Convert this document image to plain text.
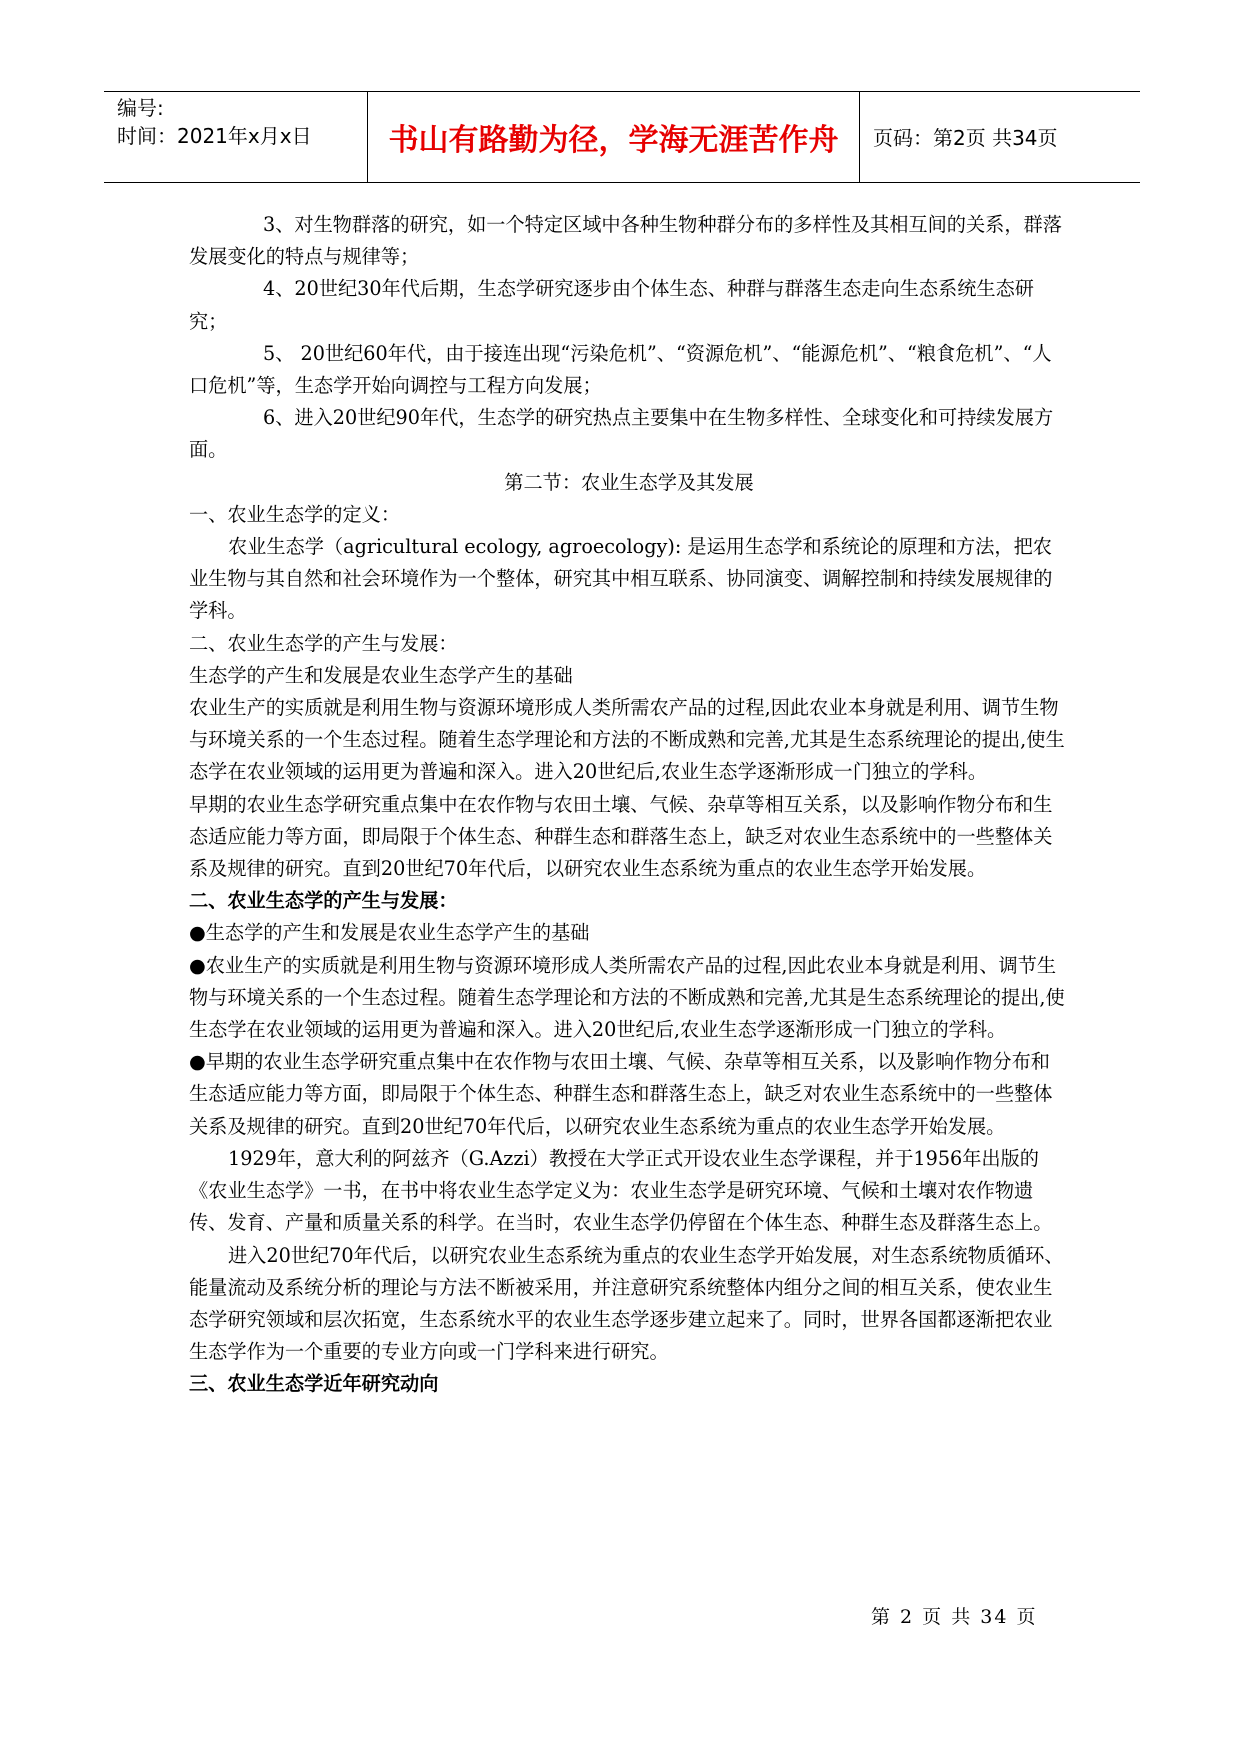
编号:
时间：2021年x月x日	书山有路勤为径，学海无涯苦作舟	页码：第2页 共34页

3、对生物群落的研究，如一个特定区域中各种生物种群分布的多样性及其相互间的关系，群落发展变化的特点与规律等；

4、20世纪30年代后期，生态学研究逐步由个体生态、种群与群落生态走向生态系统生态研究；

5、 20世纪60年代，由于接连出现“污染危机”、“资源危机”、“能源危机”、“粮食危机”、“人口危机”等，生态学开始向调控与工程方向发展；

6、进入20世纪90年代，生态学的研究热点主要集中在生物多样性、全球变化和可持续发展方面。

第二节：农业生态学及其发展

一、农业生态学的定义：

农业生态学（agricultural ecology, agroecology): 是运用生态学和系统论的原理和方法，把农业生物与其自然和社会环境作为一个整体，研究其中相互联系、协同演变、调解控制和持续发展规律的学科。

二、农业生态学的产生与发展：

生态学的产生和发展是农业生态学产生的基础

农业生产的实质就是利用生物与资源环境形成人类所需农产品的过程,因此农业本身就是利用、调节生物与环境关系的一个生态过程。随着生态学理论和方法的不断成熟和完善,尤其是生态系统理论的提出,使生态学在农业领域的运用更为普遍和深入。进入20世纪后,农业生态学逐渐形成一门独立的学科。

早期的农业生态学研究重点集中在农作物与农田土壤、气候、杂草等相互关系，以及影响作物分布和生态适应能力等方面，即局限于个体生态、种群生态和群落生态上，缺乏对农业生态系统中的一些整体关系及规律的研究。直到20世纪70年代后，以研究农业生态系统为重点的农业生态学开始发展。

二、农业生态学的产生与发展：

●生态学的产生和发展是农业生态学产生的基础

●农业生产的实质就是利用生物与资源环境形成人类所需农产品的过程,因此农业本身就是利用、调节生物与环境关系的一个生态过程。随着生态学理论和方法的不断成熟和完善,尤其是生态系统理论的提出,使生态学在农业领域的运用更为普遍和深入。进入20世纪后,农业生态学逐渐形成一门独立的学科。

●早期的农业生态学研究重点集中在农作物与农田土壤、气候、杂草等相互关系，以及影响作物分布和生态适应能力等方面，即局限于个体生态、种群生态和群落生态上，缺乏对农业生态系统中的一些整体关系及规律的研究。直到20世纪70年代后，以研究农业生态系统为重点的农业生态学开始发展。

1929年，意大利的阿兹齐（G.Azzi）教授在大学正式开设农业生态学课程，并于1956年出版的《农业生态学》一书，在书中将农业生态学定义为：农业生态学是研究环境、气候和土壤对农作物遗传、发育、产量和质量关系的科学。在当时，农业生态学仍停留在个体生态、种群生态及群落生态上。

进入20世纪70年代后，以研究农业生态系统为重点的农业生态学开始发展，对生态系统物质循环、能量流动及系统分析的理论与方法不断被采用，并注意研究系统整体内组分之间的相互关系，使农业生态学研究领域和层次拓宽，生态系统水平的农业生态学逐步建立起来了。同时，世界各国都逐渐把农业生态学作为一个重要的专业方向或一门学科来进行研究。

三、农业生态学近年研究动向

第 2 页 共 34 页
